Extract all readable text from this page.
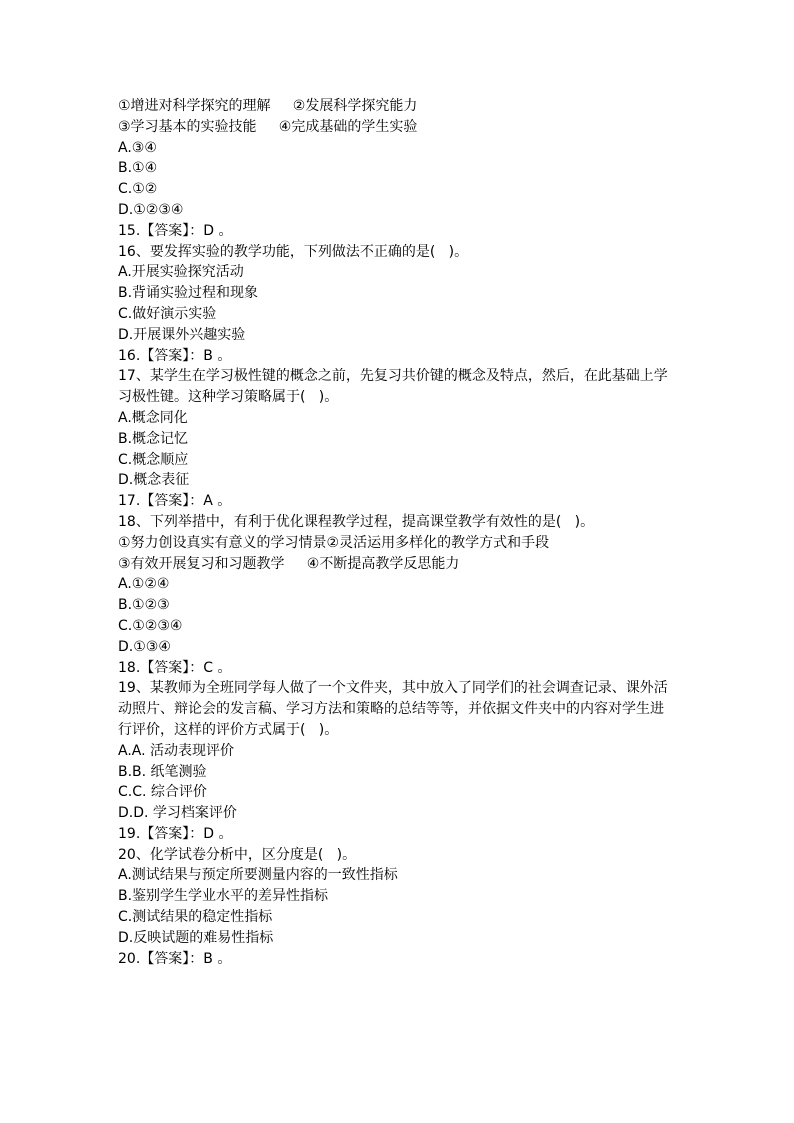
①增进对科学探究的理解     ②发展科学探究能力
③学习基本的实验技能     ④完成基础的学生实验
A.③④
B.①④
C.①②
D.①②③④
15.【答案】：D 。
16、要发挥实验的教学功能，下列做法不正确的是(   )。
A.开展实验探究活动
B.背诵实验过程和现象
C.做好演示实验
D.开展课外兴趣实验
16.【答案】：B 。
17、某学生在学习极性键的概念之前，先复习共价键的概念及特点，然后，在此基础上学
习极性键。这种学习策略属于(   )。
A.概念同化
B.概念记忆
C.概念顺应
D.概念表征
17.【答案】：A 。
18、下列举措中，有利于优化课程教学过程，提高课堂教学有效性的是(   )。
①努力创设真实有意义的学习情景②灵活运用多样化的教学方式和手段
③有效开展复习和习题教学     ④不断提高教学反思能力
A.①②④
B.①②③
C.①②③④
D.①③④
18.【答案】：C 。
19、某教师为全班同学每人做了一个文件夹，其中放入了同学们的社会调查记录、课外活
动照片、辩论会的发言稿、学习方法和策略的总结等等，并依据文件夹中的内容对学生进
行评价，这样的评价方式属于(   )。
A.A. 活动表现评价
B.B. 纸笔测验
C.C. 综合评价
D.D. 学习档案评价
19.【答案】：D 。
20、化学试卷分析中，区分度是(   )。
A.测试结果与预定所要测量内容的一致性指标
B.鉴别学生学业水平的差异性指标
C.测试结果的稳定性指标
D.反映试题的难易性指标
20.【答案】：B 。
